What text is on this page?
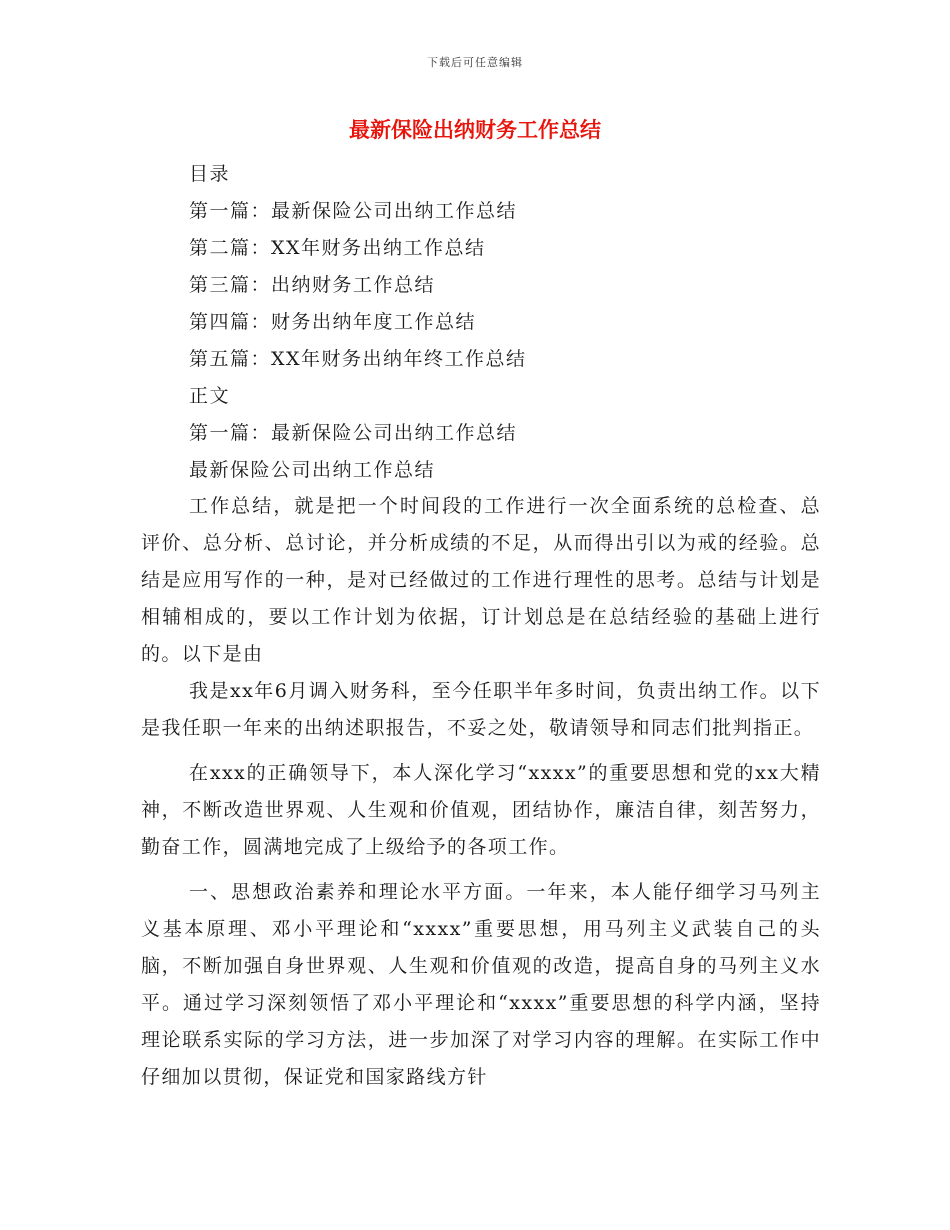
下载后可任意编辑
最新保险出纳财务工作总结
目录
第一篇：最新保险公司出纳工作总结
第二篇：XX年财务出纳工作总结
第三篇：出纳财务工作总结
第四篇：财务出纳年度工作总结
第五篇：XX年财务出纳年终工作总结
正文
第一篇：最新保险公司出纳工作总结
最新保险公司出纳工作总结

工作总结，就是把一个时间段的工作进行一次全面系统的总检查、总评价、总分析、总讨论，并分析成绩的不足，从而得出引以为戒的经验。总结是应用写作的一种，是对已经做过的工作进行理性的思考。总结与计划是相辅相成的，要以工作计划为依据，订计划总是在总结经验的基础上进行的。以下是由

我是xx年6月调入财务科，至今任职半年多时间，负责出纳工作。以下是我任职一年来的出纳述职报告，不妥之处，敬请领导和同志们批判指正。

在xxx的正确领导下，本人深化学习“xxxx”的重要思想和党的xx大精神，不断改造世界观、人生观和价值观，团结协作，廉洁自律，刻苦努力，勤奋工作，圆满地完成了上级给予的各项工作。

一、思想政治素养和理论水平方面。一年来，本人能仔细学习马列主义基本原理、邓小平理论和“xxxx”重要思想，用马列主义武装自己的头脑，不断加强自身世界观、人生观和价值观的改造，提高自身的马列主义水平。通过学习深刻领悟了邓小平理论和“xxxx”重要思想的科学内涵，坚持理论联系实际的学习方法，进一步加深了对学习内容的理解。在实际工作中仔细加以贯彻，保证党和国家路线方针
